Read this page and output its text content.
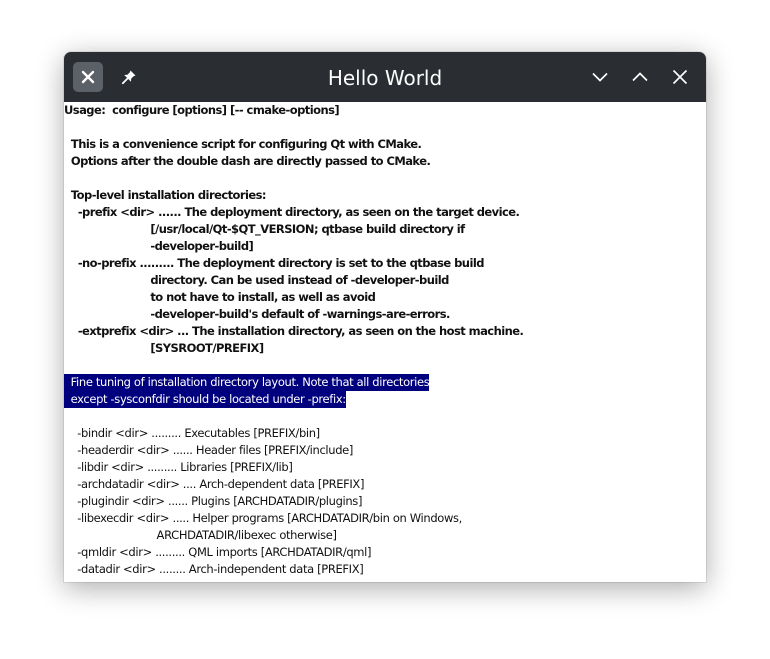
Hello World
Usage:  configure [options] [-- cmake-options]
This is a convenience script for configuring Qt with CMake.
Options after the double dash are directly passed to CMake.
Top-level installation directories:
-prefix <dir> ...... The deployment directory, as seen on the target device.
[/usr/local/Qt-$QT_VERSION; qtbase build directory if
-developer-build]
-no-prefix ......... The deployment directory is set to the qtbase build
directory. Can be used instead of -developer-build
to not have to install, as well as avoid
-developer-build's default of -warnings-are-errors.
-extprefix <dir> ... The installation directory, as seen on the host machine.
[SYSROOT/PREFIX]
Fine tuning of installation directory layout. Note that all directories
except -sysconfdir should be located under -prefix:
-bindir <dir> ......... Executables [PREFIX/bin]
-headerdir <dir> ...... Header files [PREFIX/include]
-libdir <dir> ......... Libraries [PREFIX/lib]
-archdatadir <dir> .... Arch-dependent data [PREFIX]
-plugindir <dir> ...... Plugins [ARCHDATADIR/plugins]
-libexecdir <dir> ..... Helper programs [ARCHDATADIR/bin on Windows,
ARCHDATADIR/libexec otherwise]
-qmldir <dir> ......... QML imports [ARCHDATADIR/qml]
-datadir <dir> ........ Arch-independent data [PREFIX]
